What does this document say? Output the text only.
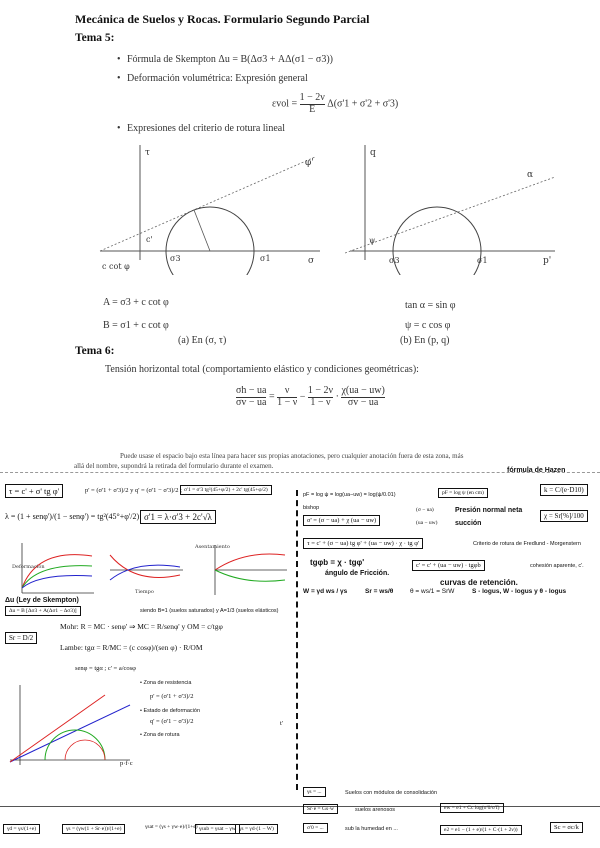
Mecánica de Suelos y Rocas. Formulario Segundo Parcial
Tema 5:
• Fórmula de Skempton Δu = B(Δσ3 + AΔ(σ1 − σ3))
• Deformación volumétrica: Expresión general
$\varepsilon vol = \frac{1 - 2\nu}{E} \Delta(\sigma'1 + \sigma'2 + \sigma'3)$
• Expresiones del criterio de rotura lineal
τ
φ'
c'
σ
c cot φ
σ3	σ1
A = σ3 + c cot φ
B = σ1 + c cot φ
(a) En (σ, τ)
q
α
p'
σ3	σ1
ψ
tan α = sin φ
ψ = c cos φ
(b) En (p, q)
Tema 6:
Tensión horizontal total (comportamiento elástico y condiciones geométricas):
$\frac{\sigma h - ua}{\sigma v - ua} = \frac{\nu}{1 - \nu} - \frac{1 - 2\nu}{1 - \nu} \cdot \frac{\chi(ua - uw)}{\sigma v - ua}$
Puede usase el espacio bajo esta línea para hacer sus propias anotaciones, pero cualquier anotación fuera de esta zona, más
allá del nombre, supondrá la retirada del formulario durante el examen.
τ = c' + σ' tg φ'	p' = (σ'1 + σ'3)/2 y q' = (σ'1 − σ'3)/2 ; σ'1 = σ'3 tg²(45+φ/2) + 2c' tg(45+φ/2)
λ = (1 + senφ')/(1 − senφ') = tg²(45°+φ'/2) σ'1 = λ·σ'3 + 2c'√λ
Deformación
Tiempo
Asentamiento
Δu (Ley de Skempton)
Δu = B [Δσ3 + A(Δσ1 − Δσ3)]	siendo B=1 (suelos saturados) y A=1/3 (suelos elásticos)
Sr = D/2
Mohr: R = MC · senφ' ⇒ MC = R/senφ' y OM = c/tgφ
Lambe: tgα = R/MC = (c cosφ)/(sen φ) · R/OM
senφ = tgα ; c' = a/cosφ
• Zona de resistencia
• Estado de deformación
• Zona de rotura
p' = (σ'1 + σ'3)/2
q' = (σ'1 − σ'3)/2
p·f·c
t'
fórmula de Hazen
k = C/(e·D10)
pF = log ψ = log(ua−uw) = log(ψ/0.01)	pF = log ψ (en cm)
bishop
σ' = (σ − ua) + χ (ua − uw)
(σ − ua)	Presión normal neta
(ua − uw)	succión
χ = Sr[%]/100
τ = c' + (σ − ua) tg φ' + (ua − uw) · χ · tg φ'	Criterio de rotura de Fredlund - Morgenstern
tgφb = χ · tgφ'
ángulo de Fricción.
c' = c' + (ua − uw) · tgφb	cohesión aparente, c'.
curvas de retención.
W = γd ws / γs	Sr = ws/θ	θ = ws/1 = SrW	S - logus, W - logus y θ - logus
γs = ...	Suelos con módulos de consolidación
Sr·e = Gs·w	suelos arenosos	ew = e1 + Cc log(σ'0/σ'f)
σ'0 = ...	sub la humedad en ...	e2 = e1 − (1 + e)/(1 + C·(1 + 2ν))	Sc = σc/k
γd = γs/(1+e)	γs = (γw(1 + Sr·e))/(1+e)	γsat = (γs + γw·e)/(1+e) γsub = γsat − γw γs = γd·(1 − W)
